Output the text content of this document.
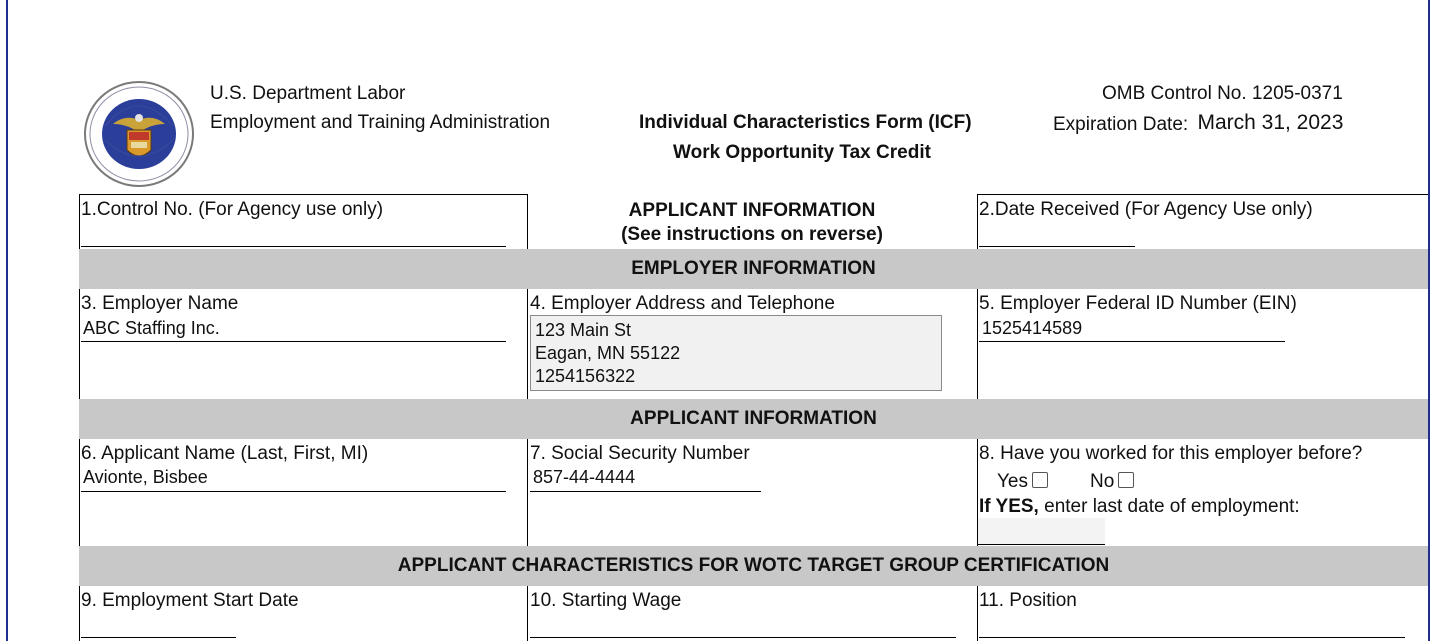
U.S. Department Labor
Employment and Training Administration	Individual Characteristics Form (ICF)
Work Opportunity Tax Credit
OMB Control No. 1205-0371
Expiration Date: March 31, 2023
1.Control No. (For Agency use only)	APPLICANT INFORMATION
(See instructions on reverse)
2.Date Received (For Agency Use only)
EMPLOYER INFORMATION
3. Employer Name
ABC Staffing Inc.
4. Employer Address and Telephone
123 Main St
Eagan, MN 55122
1254156322
5. Employer Federal ID Number (EIN)
1525414589
APPLICANT INFORMATION
6. Applicant Name (Last, First, MI)
Avionte, Bisbee
7. Social Security Number
857-44-4444
8. Have you worked for this employer before?
Yes	No
If YES, enter last date of employment:
APPLICANT CHARACTERISTICS FOR WOTC TARGET GROUP CERTIFICATION
9. Employment Start Date	10. Starting Wage	11. Position
